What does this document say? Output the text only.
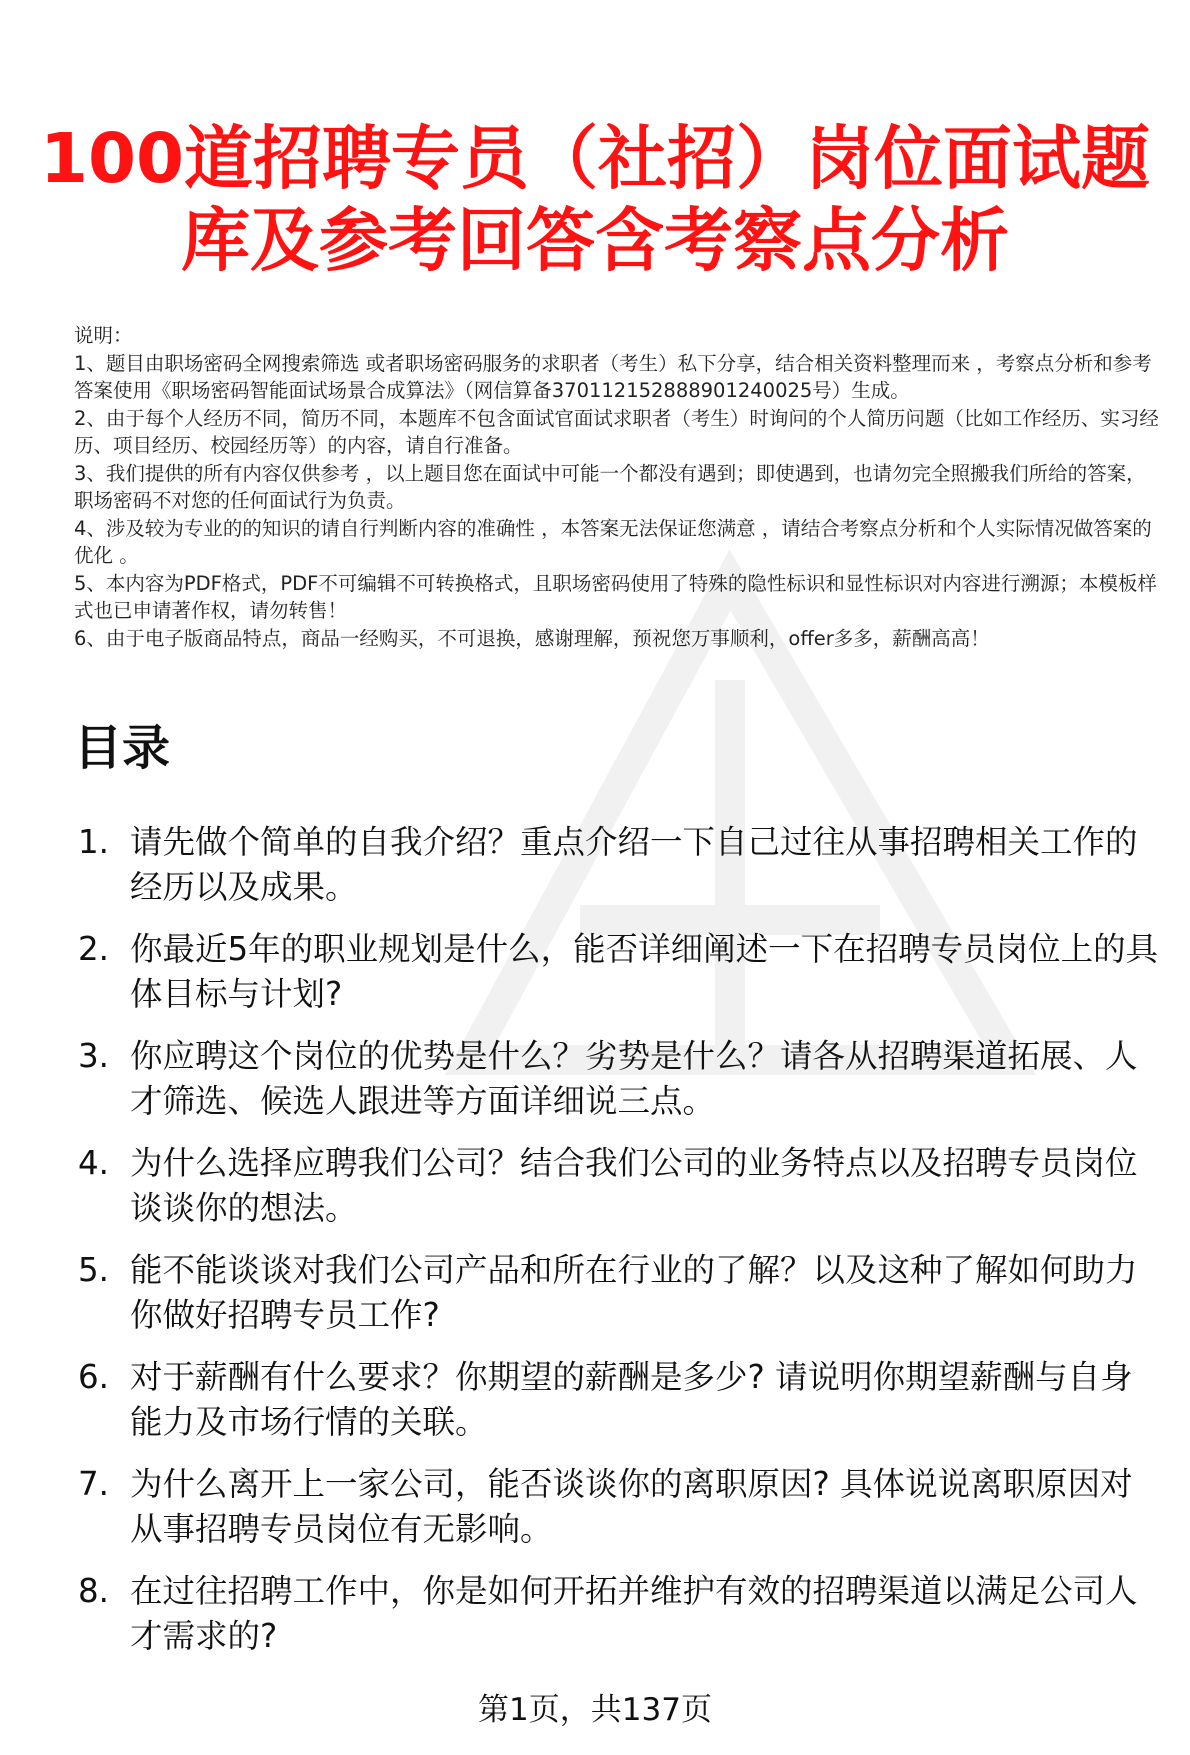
100道招聘专员（社招）岗位面试题
库及参考回答含考察点分析
说明：
1、题目由职场密码全网搜索筛选 或者职场密码服务的求职者（考生）私下分享，结合相关资料整理而来 ，考察点分析和参考答案使用《职场密码智能面试场景合成算法》（网信算备370112152888901240025号）生成。
2、由于每个人经历不同，简历不同，本题库不包含面试官面试求职者（考生）时询问的个人简历问题（比如工作经历、实习经历、项目经历、校园经历等）的内容，请自行准备。
3、我们提供的所有内容仅供参考 ，以上题目您在面试中可能一个都没有遇到；即使遇到，也请勿完全照搬我们所给的答案，职场密码不对您的任何面试行为负责。
4、涉及较为专业的的知识的请自行判断内容的准确性 ，本答案无法保证您满意 ，请结合考察点分析和个人实际情况做答案的优化 。
5、本内容为PDF格式，PDF不可编辑不可转换格式，且职场密码使用了特殊的隐性标识和显性标识对内容进行溯源；本模板样式也已申请著作权，请勿转售！
6、由于电子版商品特点，商品一经购买，不可退换，感谢理解，预祝您万事顺利，offer多多，薪酬高高！
目录
1. 请先做个简单的自我介绍？重点介绍一下自己过往从事招聘相关工作的经历以及成果。
2. 你最近5年的职业规划是什么，能否详细阐述一下在招聘专员岗位上的具体目标与计划?
3. 你应聘这个岗位的优势是什么？劣势是什么？请各从招聘渠道拓展、人才筛选、候选人跟进等方面详细说三点。
4. 为什么选择应聘我们公司？结合我们公司的业务特点以及招聘专员岗位谈谈你的想法。
5. 能不能谈谈对我们公司产品和所在行业的了解？以及这种了解如何助力你做好招聘专员工作?
6. 对于薪酬有什么要求？你期望的薪酬是多少? 请说明你期望薪酬与自身能力及市场行情的关联。
7. 为什么离开上一家公司，能否谈谈你的离职原因? 具体说说离职原因对从事招聘专员岗位有无影响。
8. 在过往招聘工作中，你是如何开拓并维护有效的招聘渠道以满足公司人才需求的?
第1页，共137页
